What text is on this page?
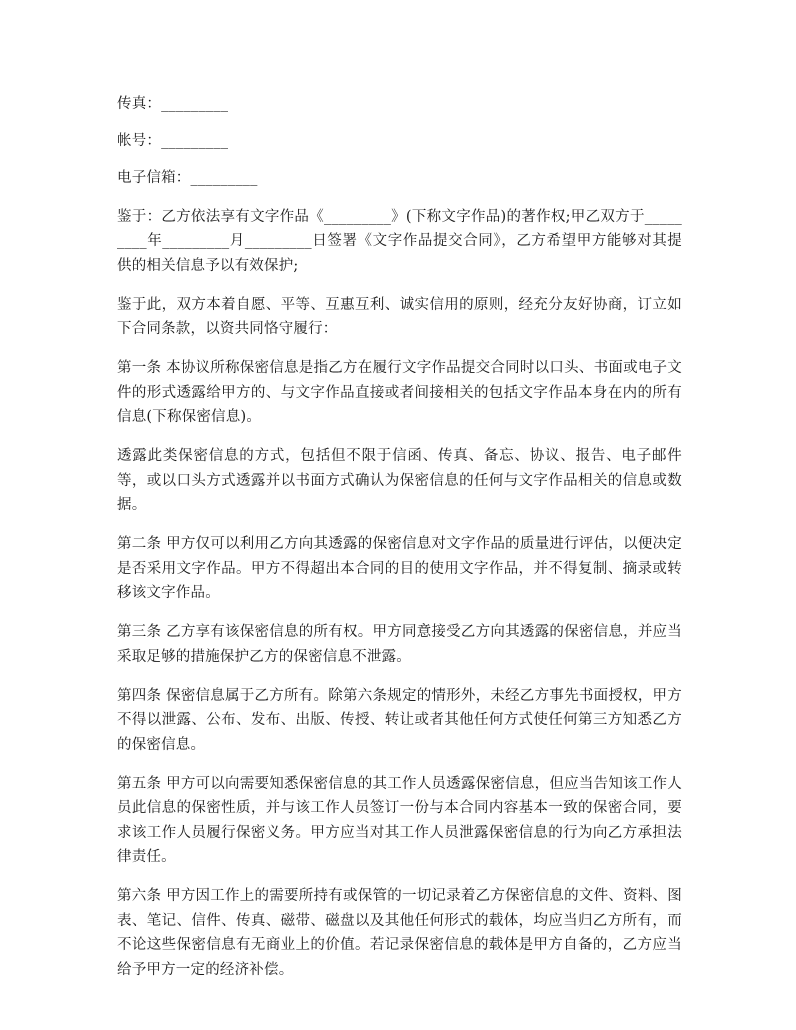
传真：_________
帐号：_________
电子信箱：_________

鉴于：乙方依法享有文字作品《_________》(下称文字作品)的著作权;甲乙双方于_________年_________月_________日签署《文字作品提交合同》，乙方希望甲方能够对其提供的相关信息予以有效保护;

鉴于此，双方本着自愿、平等、互惠互利、诚实信用的原则，经充分友好协商，订立如下合同条款，以资共同恪守履行：

第一条 本协议所称保密信息是指乙方在履行文字作品提交合同时以口头、书面或电子文件的形式透露给甲方的、与文字作品直接或者间接相关的包括文字作品本身在内的所有信息(下称保密信息)。

透露此类保密信息的方式，包括但不限于信函、传真、备忘、协议、报告、电子邮件等，或以口头方式透露并以书面方式确认为保密信息的任何与文字作品相关的信息或数据。

第二条 甲方仅可以利用乙方向其透露的保密信息对文字作品的质量进行评估，以便决定是否采用文字作品。甲方不得超出本合同的目的使用文字作品，并不得复制、摘录或转移该文字作品。

第三条 乙方享有该保密信息的所有权。甲方同意接受乙方向其透露的保密信息，并应当采取足够的措施保护乙方的保密信息不泄露。

第四条 保密信息属于乙方所有。除第六条规定的情形外，未经乙方事先书面授权，甲方不得以泄露、公布、发布、出版、传授、转让或者其他任何方式使任何第三方知悉乙方的保密信息。

第五条 甲方可以向需要知悉保密信息的其工作人员透露保密信息，但应当告知该工作人员此信息的保密性质，并与该工作人员签订一份与本合同内容基本一致的保密合同，要求该工作人员履行保密义务。甲方应当对其工作人员泄露保密信息的行为向乙方承担法律责任。

第六条 甲方因工作上的需要所持有或保管的一切记录着乙方保密信息的文件、资料、图表、笔记、信件、传真、磁带、磁盘以及其他任何形式的载体，均应当归乙方所有，而不论这些保密信息有无商业上的价值。若记录保密信息的载体是甲方自备的，乙方应当给予甲方一定的经济补偿。
